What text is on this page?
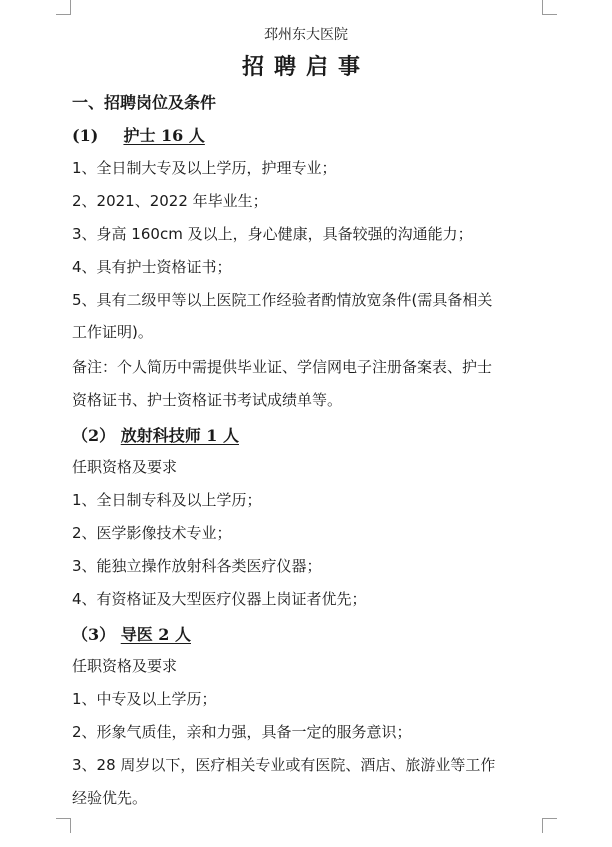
邳州东大医院
招聘启事
一、招聘岗位及条件
(1) 护士 16 人
1、全日制大专及以上学历，护理专业；
2、2021、2022 年毕业生；
3、身高 160cm 及以上，身心健康，具备较强的沟通能力；
4、具有护士资格证书；
5、具有二级甲等以上医院工作经验者酌情放宽条件(需具备相关
工作证明)。
备注：个人简历中需提供毕业证、学信网电子注册备案表、护士
资格证书、护士资格证书考试成绩单等。
（2） 放射科技师 1 人
任职资格及要求
1、全日制专科及以上学历；
2、医学影像技术专业；
3、能独立操作放射科各类医疗仪器；
4、有资格证及大型医疗仪器上岗证者优先；
（3） 导医 2 人
任职资格及要求
1、中专及以上学历；
2、形象气质佳，亲和力强，具备一定的服务意识；
3、28 周岁以下，医疗相关专业或有医院、酒店、旅游业等工作
经验优先。
